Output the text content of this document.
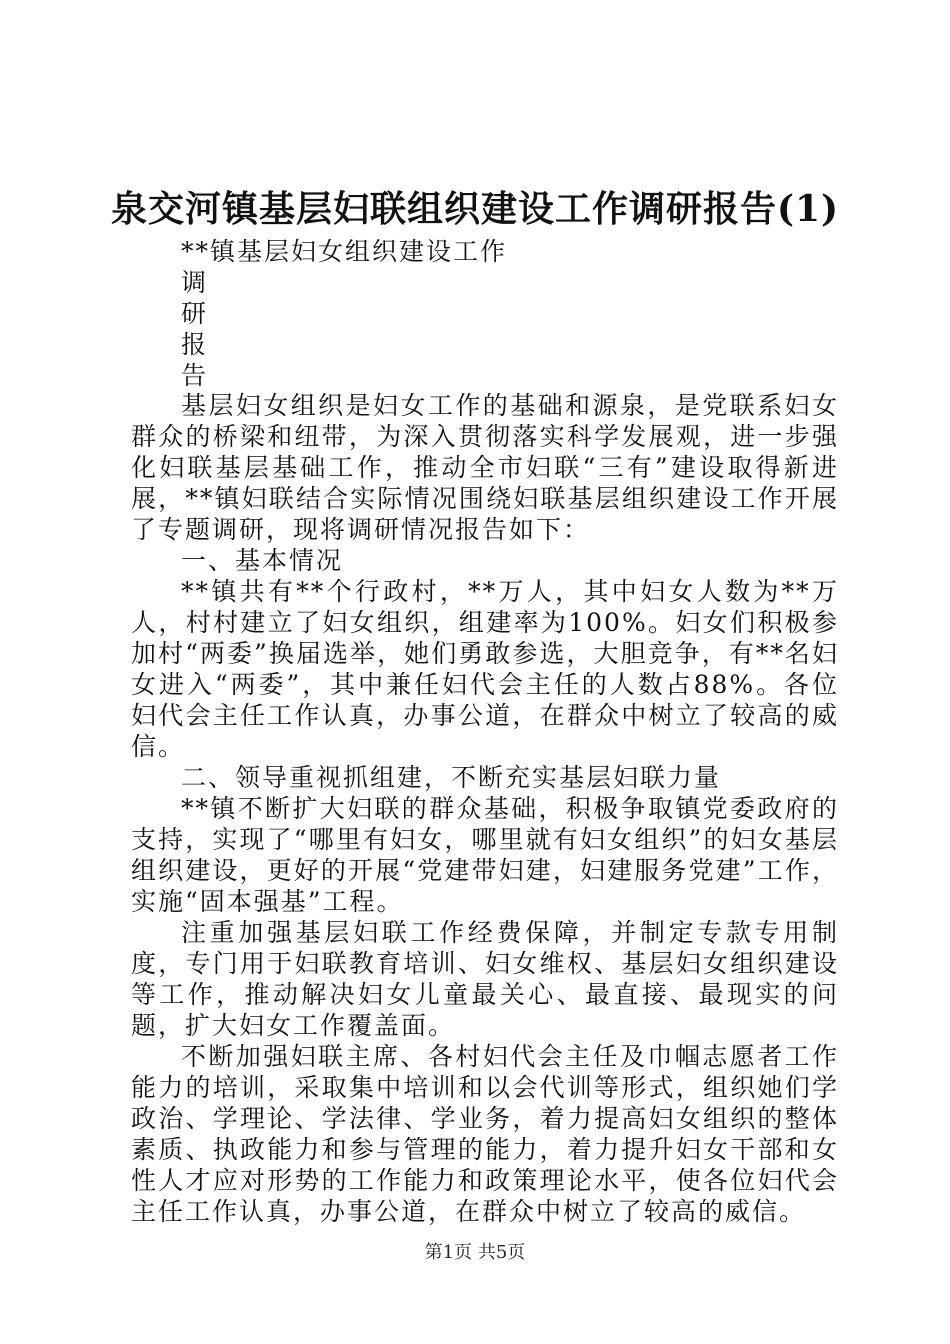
泉交河镇基层妇联组织建设工作调研报告(1)
**镇基层妇女组织建设工作
调
研
报
告

基层妇女组织是妇女工作的基础和源泉，是党联系妇女群众的桥梁和纽带，为深入贯彻落实科学发展观，进一步强化妇联基层基础工作，推动全市妇联“三有”建设取得新进展，**镇妇联结合实际情况围绕妇联基层组织建设工作开展了专题调研，现将调研情况报告如下：

一、基本情况

**镇共有**个行政村，**万人，其中妇女人数为**万人，村村建立了妇女组织，组建率为100%。妇女们积极参加村“两委”换届选举，她们勇敢参选，大胆竞争，有**名妇女进入“两委”，其中兼任妇代会主任的人数占88%。各位妇代会主任工作认真，办事公道，在群众中树立了较高的威信。

二、领导重视抓组建，不断充实基层妇联力量

**镇不断扩大妇联的群众基础，积极争取镇党委政府的支持，实现了“哪里有妇女，哪里就有妇女组织”的妇女基层组织建设，更好的开展“党建带妇建，妇建服务党建”工作，实施“固本强基”工程。

注重加强基层妇联工作经费保障，并制定专款专用制度，专门用于妇联教育培训、妇女维权、基层妇女组织建设等工作，推动解决妇女儿童最关心、最直接、最现实的问题，扩大妇女工作覆盖面。

不断加强妇联主席、各村妇代会主任及巾帼志愿者工作能力的培训，采取集中培训和以会代训等形式，组织她们学政治、学理论、学法律、学业务，着力提高妇女组织的整体素质、执政能力和参与管理的能力，着力提升妇女干部和女性人才应对形势的工作能力和政策理论水平，使各位妇代会主任工作认真，办事公道，在群众中树立了较高的威信。

第1页 共5页
